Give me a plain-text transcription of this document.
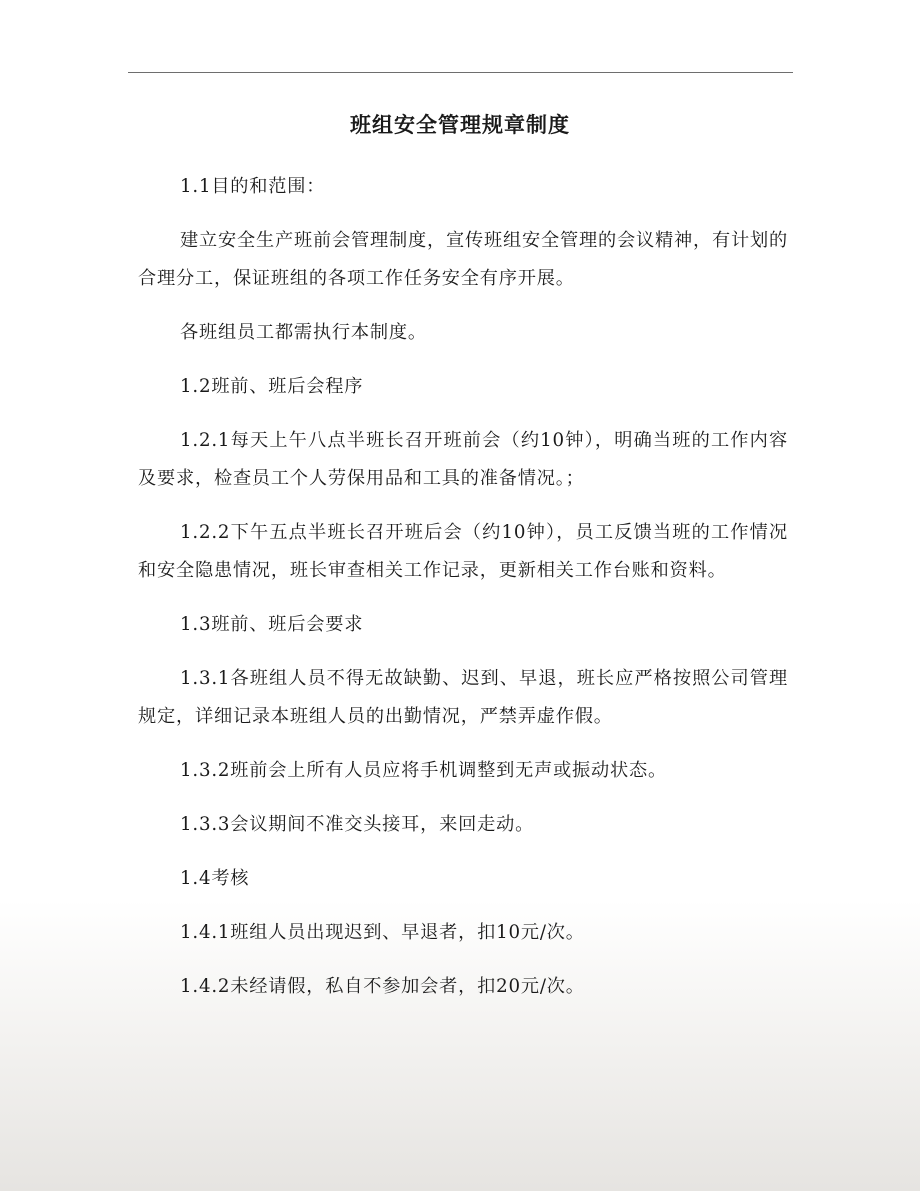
班组安全管理规章制度

1.1目的和范围：

建立安全生产班前会管理制度，宣传班组安全管理的会议精神，有计划的合理分工，保证班组的各项工作任务安全有序开展。

各班组员工都需执行本制度。

1.2班前、班后会程序

1.2.1每天上午八点半班长召开班前会（约10钟），明确当班的工作内容及要求，检查员工个人劳保用品和工具的准备情况。；

1.2.2下午五点半班长召开班后会（约10钟），员工反馈当班的工作情况和安全隐患情况，班长审查相关工作记录，更新相关工作台账和资料。

1.3班前、班后会要求

1.3.1各班组人员不得无故缺勤、迟到、早退，班长应严格按照公司管理规定，详细记录本班组人员的出勤情况，严禁弄虚作假。

1.3.2班前会上所有人员应将手机调整到无声或振动状态。

1.3.3会议期间不准交头接耳，来回走动。

1.4考核

1.4.1班组人员出现迟到、早退者，扣10元/次。

1.4.2未经请假，私自不参加会者，扣20元/次。
